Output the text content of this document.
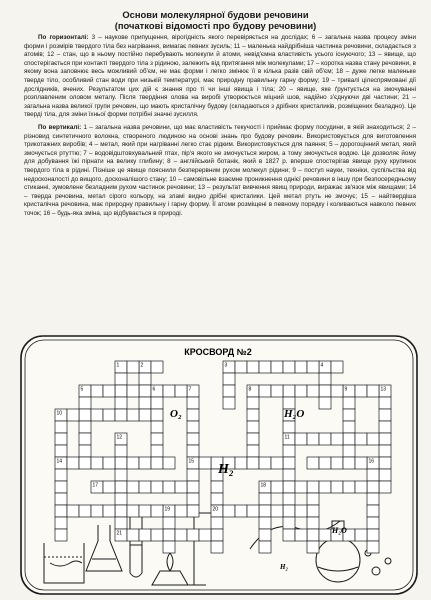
Основи молекулярної будови речовини
(початкові відомості про будову речовини)

По горизонталі: 3 – наукове припущення, вірогідність якого перевіряється на дослідах; 6 – загальна назва процесу зміни форми і розмірів твердого тіла без нагрівання, вимагає певних зусиль; 11 – маленька найдрібніша частинка речовини, складається з атомів; 12 – стан, що в ньому постійно перебувають молекули й атоми, невід'ємна властивість усього існуючого; 13 – явище, що спостерігається при контакті твердого тіла з рідиною, залежить від притягання між молекулами; 17 – коротка назва стану речовини, в якому вона заповнює весь можливий об'єм, не має форми і легко змінює її в кілька разів свій об'єм; 18 – дуже легке маленьке тверде тіло, особливий стан води при низькій температурі, має природну правильну гарну форму; 19 – тривалі цілеспрямовані дії дослідників, вчених. Результатом цих дій є знання про ті чи інші явища і тіла; 20 – явище, яке ґрунтується на змочуванні розплавленим оловом металу. Після твердіння олова на виробі утворюється міцний шов, надійно з'єднуючи дві частини; 21 – загальна назва великої групи речовин, що мають кристалічну будову (складаються з дрібних кристаликів, розміщених безладно). Це тверді тіла, для зміни їхньої форми потрібні значні зусилля.

По вертикалі: 1 – загальна назва речовини, що має властивість текучості і приймає форму посудини, в якій знаходиться; 2 – різновид синтетичного волокна, створеного людиною на основі знань про будову речовин. Використовується для виготовлення трикотажних виробів; 4 – метал, який при нагріванні легко стає рідким. Використовується для паяння; 5 – дорогоцінний метал, який змочується ртуттю; 7 – водовідштовхувальний птах, пір'я якого не змочується жиром, а тому змочується водою. Це дозволяє йому для добування їжі пірнати на велику глибину; 8 – англійський ботанік, який в 1827 р. вперше спостерігав явище руху крупинок твердого тіла в рідині. Пізніше це явище пояснили безперервним рухом молекул рідини; 9 – поступ науки, техніки, суспільства від недосконалості до вищого, досконалішого стану; 10 – самовільне взаємне проникнення однієї речовини в іншу при безпосередньому стиканні, зумовлене безладним рухом частинок речовини; 13 – результат вивчення явищ природи, виражає зв'язок між явищами; 14 – тверда речовина, метал сірого кольору, на зламі видно дрібні кристалики. Цей метал ртуть не змочує; 15 – найтвердіша кристалічна речовина, має природну правильну і гарну форму. Її атоми розміщені в певному порядку і коливаються навколо певних точок; 16 – будь-яка зміна, що відбувається в природі.

КРОСВОРД №2
1	2	3	4
5	6	7	8	9
10
11
12
13
14	15	16
17	18
19	20
21
O₂	H₂O
H₂
H₂O
H₂
